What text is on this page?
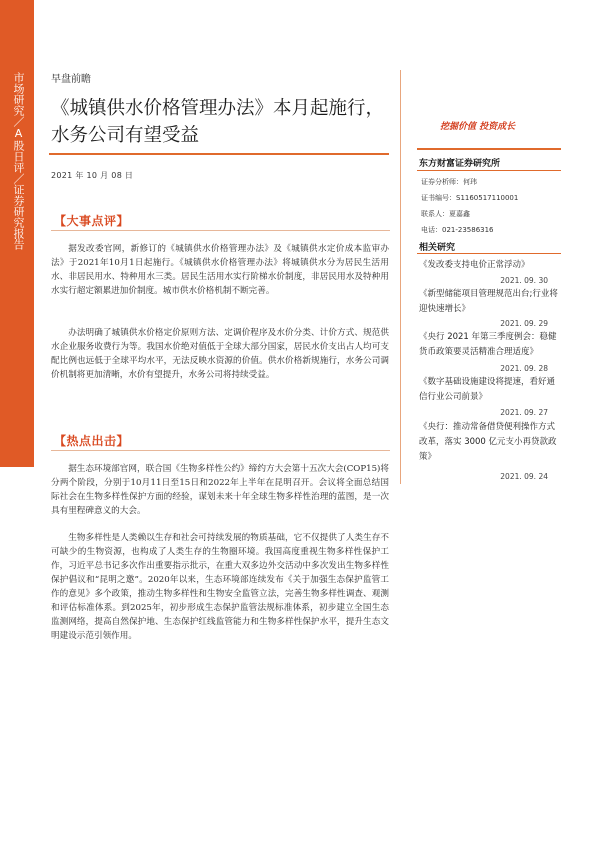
市场研究／A股日评／证券研究报告	早盘前瞻
《城镇供水价格管理办法》本月起施行，水务公司有望受益
2021 年 10 月 08 日
挖掘价值 投资成长
【大事点评】

据发改委官网，新修订的《城镇供水价格管理办法》及《城镇供水定价成本监审办法》于2021年10月1日起施行。《城镇供水价格管理办法》将城镇供水分为居民生活用水、非居民用水、特种用水三类。居民生活用水实行阶梯水价制度，非居民用水及特种用水实行超定额累进加价制度。城市供水价格机制不断完善。

办法明确了城镇供水价格定价原则方法、定调价程序及水价分类、计价方式、规范供水企业服务收费行为等。我国水价绝对值低于全球大部分国家，居民水价支出占人均可支配比例也远低于全球平均水平，无法反映水资源的价值。供水价格新规施行，水务公司调价机制将更加清晰，水价有望提升，水务公司将持续受益。

【热点出击】

据生态环境部官网，联合国《生物多样性公约》缔约方大会第十五次大会(COP15)将分两个阶段，分别于10月11日至15日和2022年上半年在昆明召开。会议将全面总结国际社会在生物多样性保护方面的经验，谋划未来十年全球生物多样性治理的蓝图，是一次具有里程碑意义的大会。

生物多样性是人类赖以生存和社会可持续发展的物质基础，它不仅提供了人类生存不可缺少的生物资源，也构成了人类生存的生物圈环境。我国高度重视生物多样性保护工作，习近平总书记多次作出重要指示批示，在重大双多边外交活动中多次发出生物多样性保护倡议和“昆明之邀”。2020年以来，生态环境部连续发布《关于加强生态保护监管工作的意见》多个政策，推动生物多样性和生物安全监管立法，完善生物多样性调查、观测和评估标准体系。到2025年，初步形成生态保护监管法规标准体系，初步建立全国生态监测网络，提高自然保护地、生态保护红线监管能力和生物多样性保护水平，提升生态文明建设示范引领作用。

东方财富证券研究所
证券分析师：何玮
证书编号：S1160517110001
联系人：夏嘉鑫
电话：021-23586316
相关研究
《发改委支持电价正常浮动》
2021. 09. 30
《新型储能项目管理规范出台;行业将迎快速增长》
2021. 09. 29
《央行 2021 年第三季度例会：稳健货币政策要灵活精准合理适度》
2021. 09. 28
《数字基础设施建设将提速，看好通信行业公司前景》
2021. 09. 27
《央行：推动常备借贷便利操作方式改革，落实 3000 亿元支小再贷款政策》
2021. 09. 24
